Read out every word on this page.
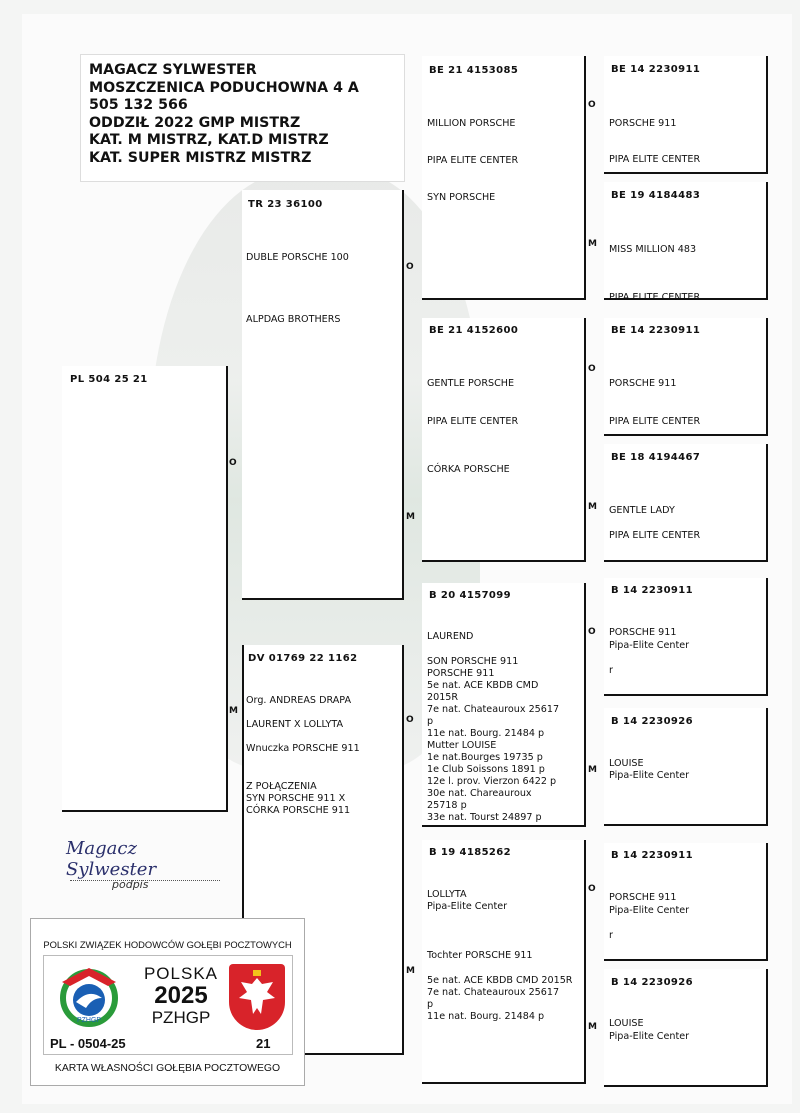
MAGACZ SYLWESTER
MOSZCZENICA PODUCHOWNA 4 A
505 132 566
ODDZIŁ 2022 GMP MISTRZ
KAT. M MISTRZ, KAT.D MISTRZ
KAT. SUPER MISTRZ MISTRZ
PL 504 25 21
O
M
TR 23 36100
DUBLE PORSCHE 100
ALPDAG BROTHERS
O
M
DV 01769 22 1162
Org. ANDREAS DRAPA
LAURENT X LOLLYTA
Wnuczka PORSCHE 911
Z POŁĄCZENIA
SYN PORSCHE 911 X
CÓRKA PORSCHE 911
O
M
BE 21 4153085
MILLION PORSCHE
PIPA ELITE CENTER
SYN PORSCHE
O
M
BE 21 4152600
GENTLE PORSCHE
PIPA ELITE CENTER
CÓRKA PORSCHE
O
M
B 20 4157099
LAUREND
SON PORSCHE 911
PORSCHE 911
5e nat. ACE KBDB CMD
2015R
7e nat. Chateauroux 25617
p
11e nat. Bourg. 21484 p
Mutter LOUISE
1e nat.Bourges 19735 p
1e Club Soissons 1891 p
12e l. prov. Vierzon 6422 p
30e nat. Chareauroux
25718 p
33e nat. Tourst 24897 p
O
M
B 19 4185262
LOLLYTA
Pipa-Elite Center
Tochter PORSCHE 911
5e nat. ACE KBDB CMD 2015R
7e nat. Chateauroux 25617
p
11e nat. Bourg. 21484 p
O
M
BE 14 2230911
PORSCHE 911
PIPA ELITE CENTER
BE 19 4184483
MISS MILLION 483
PIPA ELITE CENTER
BE 14 2230911
PORSCHE 911
PIPA ELITE CENTER
BE 18 4194467
GENTLE LADY
PIPA ELITE CENTER
B 14 2230911
PORSCHE 911
Pipa-Elite Center
r
B 14 2230926
LOUISE
Pipa-Elite Center
B 14 2230911
PORSCHE 911
Pipa-Elite Center
r
B 14 2230926
LOUISE
Pipa-Elite Center
Magacz Sylwester
podpis
POLSKI ZWIĄZEK HODOWCÓW GOŁĘBI POCZTOWYCH
PZHGP
POLSKA
2025
PZHGP
PL - 0504-25	21
KARTA WŁASNOŚCI GOŁĘBIA POCZTOWEGO
